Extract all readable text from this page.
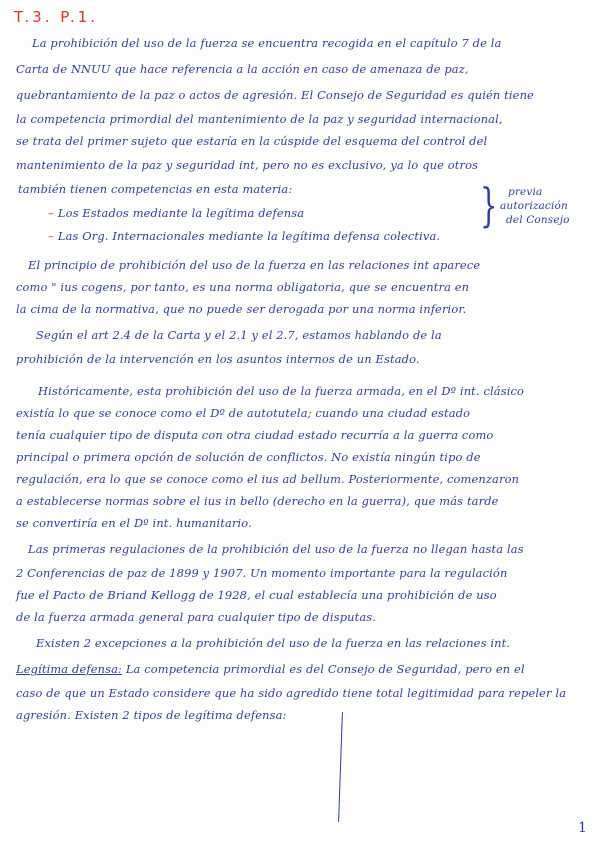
T.3. P.1.
La prohibición del uso de la fuerza se encuentra recogida en el capítulo 7 de la
Carta de NNUU que hace referencia a la acción en caso de amenaza de paz,
quebrantamiento de la paz o actos de agresión. El Consejo de Seguridad es quién tiene
la competencia primordial del mantenimiento de la paz y seguridad internacional,
se trata del primer sujeto que estaría en la cúspide del esquema del control del
mantenimiento de la paz y seguridad int, pero no es exclusivo, ya lo que otros
también tienen competencias en esta materia:
– Los Estados mediante la legítima defensa
– Las Org. Internacionales mediante la legítima defensa colectiva.
} previa
autorización
del Consejo
El principio de prohibición del uso de la fuerza en las relaciones int aparece
como " ius cogens, por tanto, es una norma obligatoria, que se encuentra en
la cima de la normativa, que no puede ser derogada por una norma inferior.
Según el art 2.4 de la Carta y el 2.1 y el 2.7, estamos hablando de la
prohibición de la intervención en los asuntos internos de un Estado.
Históricamente, esta prohibición del uso de la fuerza armada, en el Dº int. clásico
existía lo que se conoce como el Dº de autotutela; cuando una ciudad estado
tenía cualquier tipo de disputa con otra ciudad estado recurría a la guerra como
principal o primera opción de solución de conflictos. No existía ningún tipo de
regulación, era lo que se conoce como el ius ad bellum. Posteriormente, comenzaron
a establecerse normas sobre el ius in bello (derecho en la guerra), que más tarde
se convertiría en el Dº int. humanitario.
Las primeras regulaciones de la prohibición del uso de la fuerza no llegan hasta las
2 Conferencias de paz de 1899 y 1907. Un momento importante para la regulación
fue el Pacto de Briand Kellogg de 1928, el cual establecía una prohibición de uso
de la fuerza armada general para cualquier tipo de disputas.
Existen 2 excepciones a la prohibición del uso de la fuerza en las relaciones int.
Legítima defensa: La competencia primordial es del Consejo de Seguridad, pero en el
caso de que un Estado considere que ha sido agredido tiene total legitimidad para repeler la
agresión. Existen 2 tipos de legítima defensa:
1
